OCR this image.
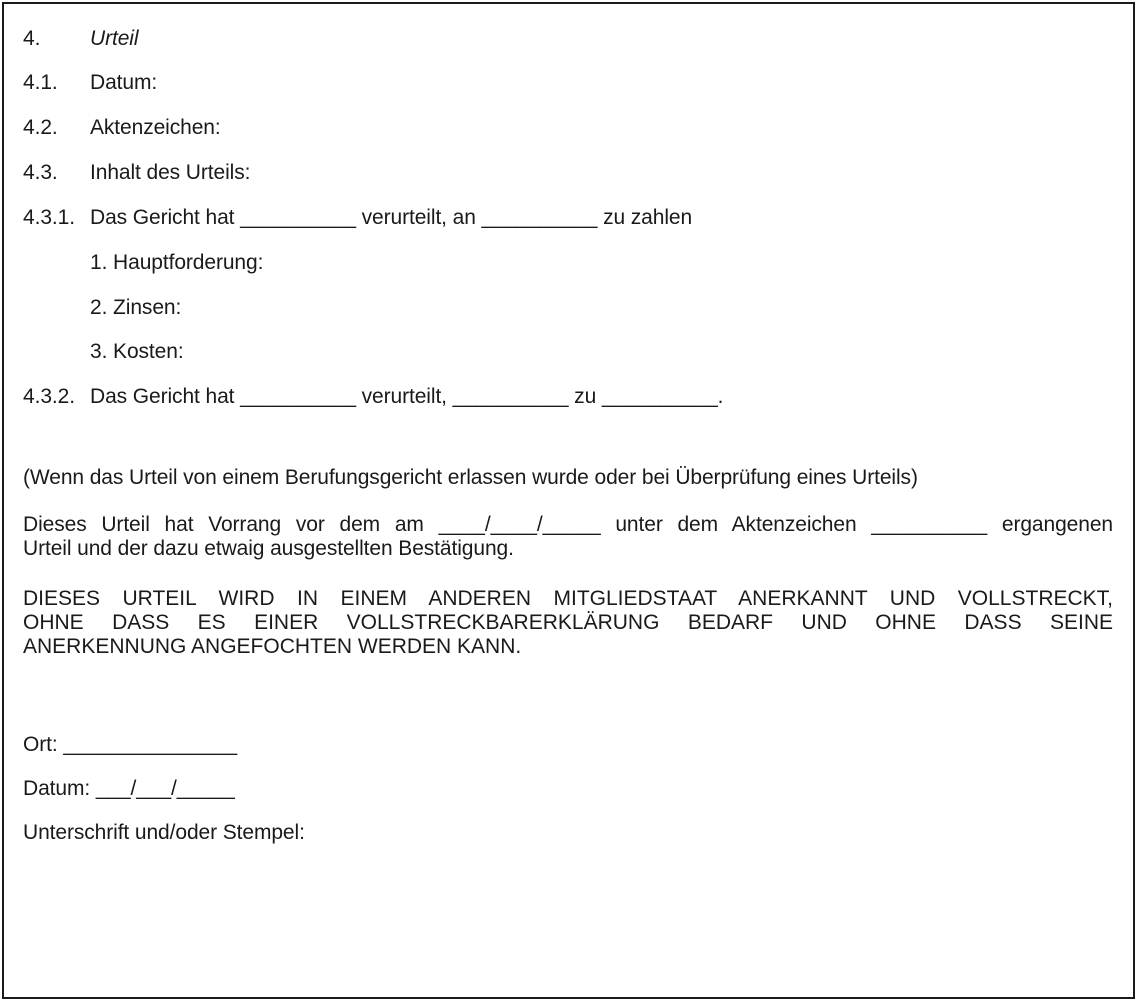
4. Urteil
4.1. Datum:
4.2. Aktenzeichen:
4.3. Inhalt des Urteils:
4.3.1. Das Gericht hat __________ verurteilt, an __________ zu zahlen
1. Hauptforderung:
2. Zinsen:
3. Kosten:
4.3.2. Das Gericht hat __________ verurteilt, __________ zu __________.
(Wenn das Urteil von einem Berufungsgericht erlassen wurde oder bei Überprüfung eines Urteils)
Dieses Urteil hat Vorrang vor dem am ____/____/_____ unter dem Aktenzeichen __________ ergangenen
Urteil und der dazu etwaig ausgestellten Bestätigung.
DIESES URTEIL WIRD IN EINEM ANDEREN MITGLIEDSTAAT ANERKANNT UND VOLLSTRECKT,
OHNE DASS ES EINER VOLLSTRECKBARERKLÄRUNG BEDARF UND OHNE DASS SEINE
ANERKENNUNG ANGEFOCHTEN WERDEN KANN.
Ort: _______________
Datum: ___/___/_____
Unterschrift und/oder Stempel:
